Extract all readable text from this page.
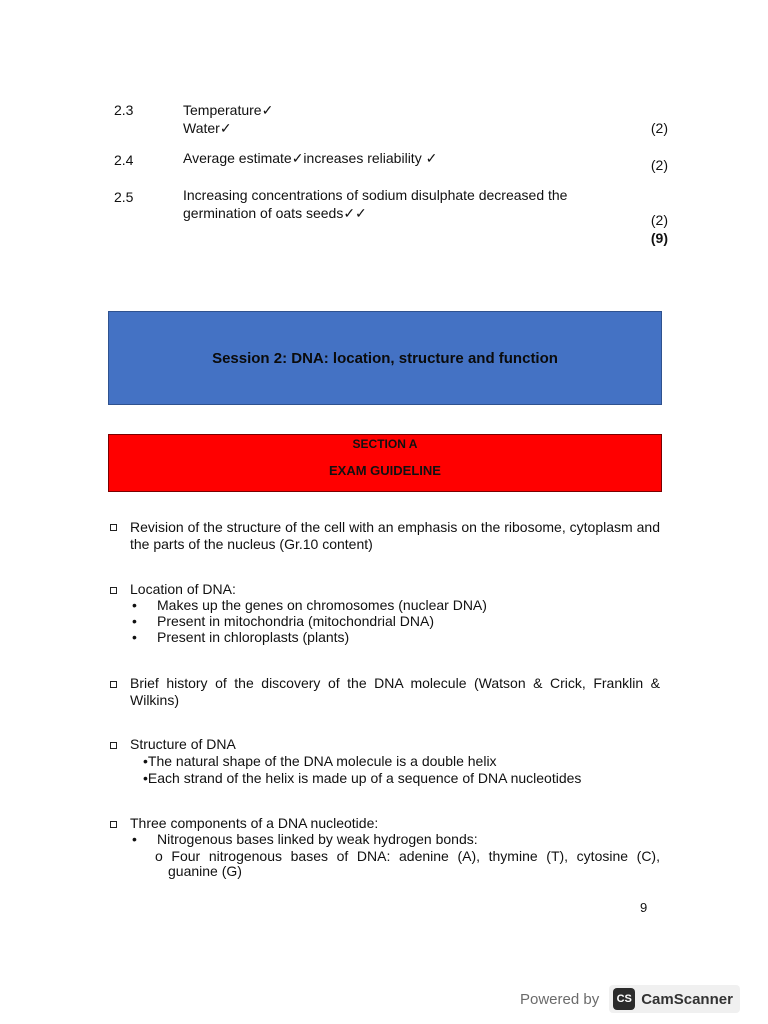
2.3	Temperature✓
Water✓	(2)
2.4	Average estimate✓increases reliability ✓	(2)
2.5	Increasing concentrations of sodium disulphate decreased the
germination of oats seeds✓✓	(2)
(9)
Session 2: DNA: location, structure and function
SECTION A
EXAM GUIDELINE
Revision of the structure of the cell with an emphasis on the ribosome, cytoplasm and the parts of the nucleus (Gr.10 content)
Location of DNA:
• Makes up the genes on chromosomes (nuclear DNA)
• Present in mitochondria (mitochondrial DNA)
• Present in chloroplasts (plants)
Brief history of the discovery of the DNA molecule (Watson & Crick, Franklin & Wilkins)
Structure of DNA
•The natural shape of the DNA molecule is a double helix
•Each strand of the helix is made up of a sequence of DNA nucleotides
Three components of a DNA nucleotide:
• Nitrogenous bases linked by weak hydrogen bonds:
o Four nitrogenous bases of DNA: adenine (A), thymine (T), cytosine (C),
guanine (G)
9
Powered by	CS CamScanner
